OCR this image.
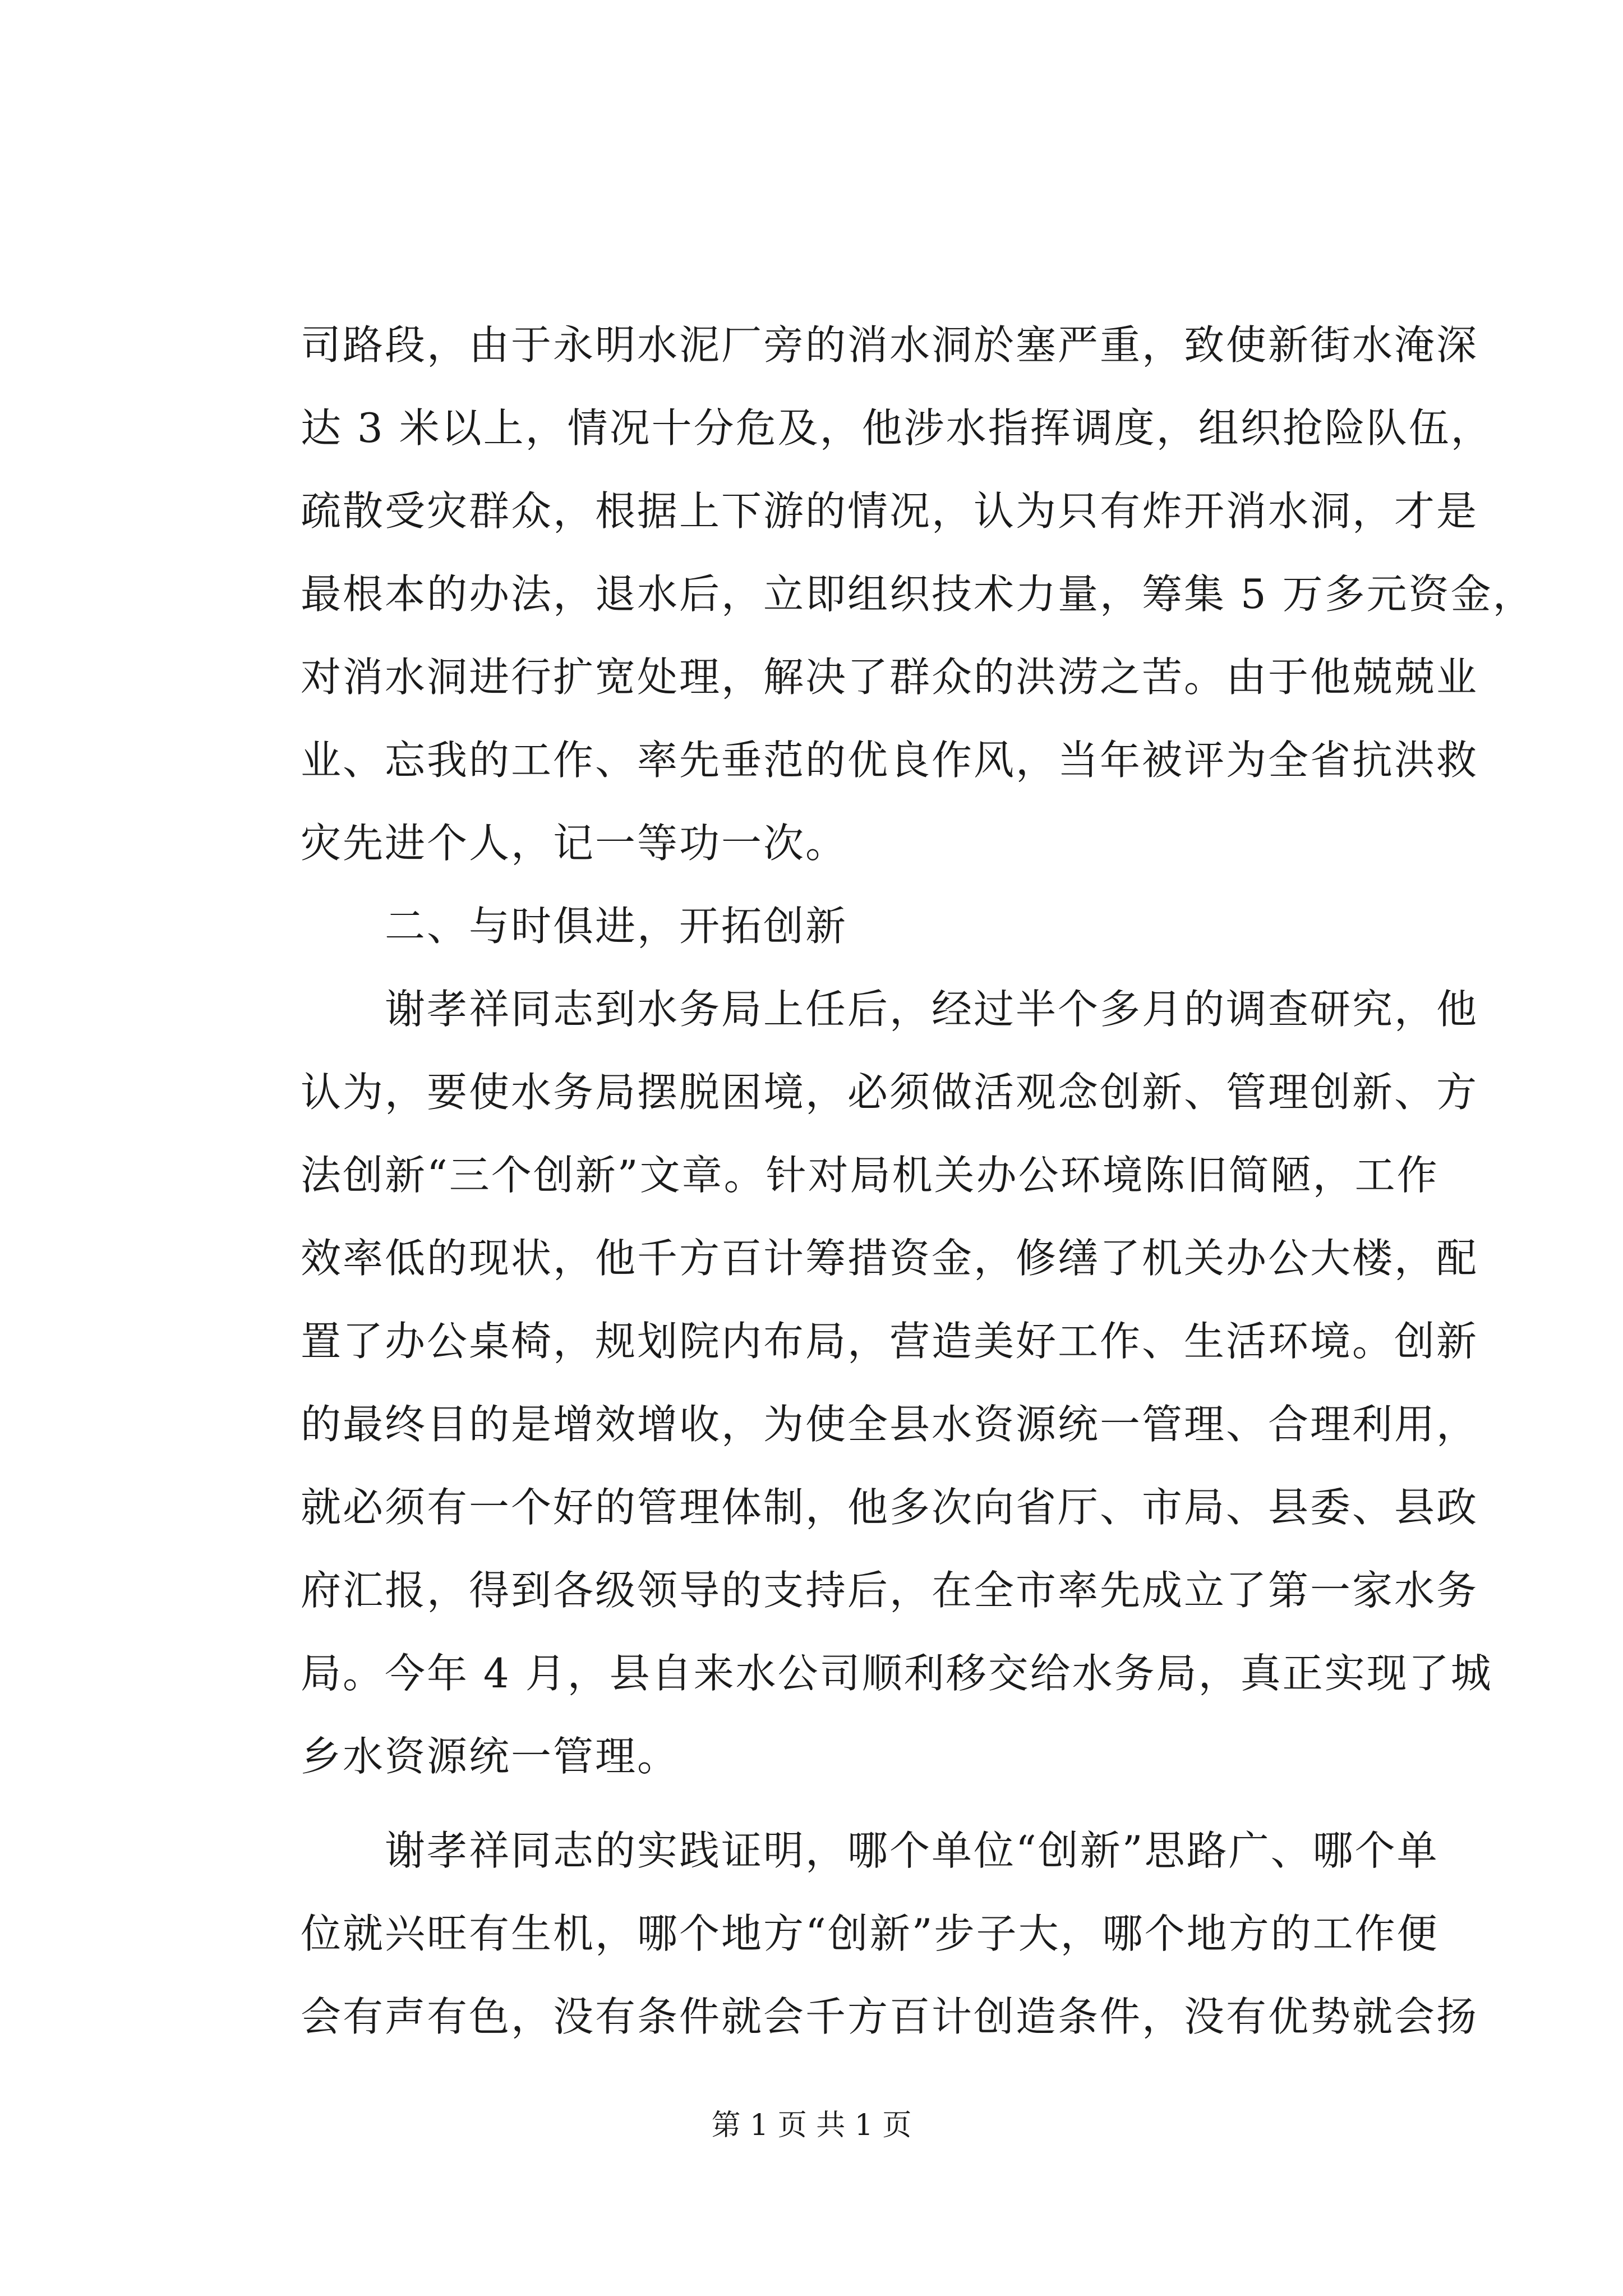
司路段，由于永明水泥厂旁的消水洞於塞严重，致使新街水淹深
达 3 米以上，情况十分危及，他涉水指挥调度，组织抢险队伍，
疏散受灾群众，根据上下游的情况，认为只有炸开消水洞，才是
最根本的办法，退水后，立即组织技术力量，筹集 5 万多元资金，
对消水洞进行扩宽处理，解决了群众的洪涝之苦。由于他兢兢业
业、忘我的工作、率先垂范的优良作风，当年被评为全省抗洪救
灾先进个人，记一等功一次。
　　二、与时俱进，开拓创新
　　谢孝祥同志到水务局上任后，经过半个多月的调查研究，他
认为，要使水务局摆脱困境，必须做活观念创新、管理创新、方
法创新“三个创新”文章。针对局机关办公环境陈旧简陋，工作
效率低的现状，他千方百计筹措资金，修缮了机关办公大楼，配
置了办公桌椅，规划院内布局，营造美好工作、生活环境。创新
的最终目的是增效增收，为使全县水资源统一管理、合理利用，
就必须有一个好的管理体制，他多次向省厅、市局、县委、县政
府汇报，得到各级领导的支持后，在全市率先成立了第一家水务
局。今年 4 月，县自来水公司顺利移交给水务局，真正实现了城
乡水资源统一管理。
　　谢孝祥同志的实践证明，哪个单位“创新”思路广、哪个单
位就兴旺有生机，哪个地方“创新”步子大，哪个地方的工作便
会有声有色，没有条件就会千方百计创造条件，没有优势就会扬
第 1 页 共 1 页
